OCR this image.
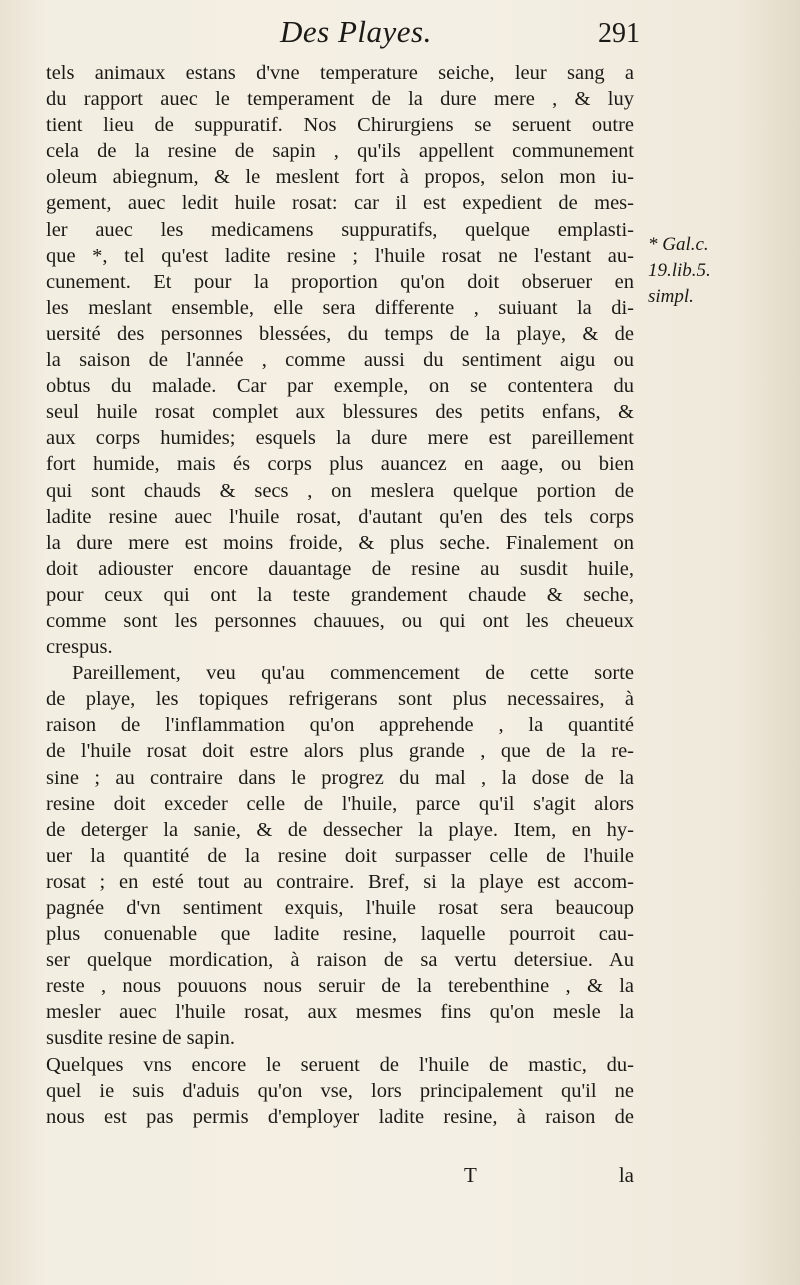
Des Playes.	291
tels animaux estans d'vne temperature seiche, leur sang a
du rapport auec le temperament de la dure mere , & luy
tient lieu de suppuratif. Nos Chirurgiens se seruent outre
cela de la resine de sapin , qu'ils appellent communement
oleum abiegnum, & le meslent fort à propos, selon mon iu-
gement, auec ledit huile rosat: car il est expedient de mes-
ler auec les medicamens suppuratifs, quelque emplasti-
que *, tel qu'est ladite resine ; l'huile rosat ne l'estant au-
cunement. Et pour la proportion qu'on doit obseruer en
les meslant ensemble, elle sera differente , suiuant la di-
uersité des personnes blessées, du temps de la playe, & de
la saison de l'année , comme aussi du sentiment aigu ou
obtus du malade. Car par exemple, on se contentera du
seul huile rosat complet aux blessures des petits enfans, &
aux corps humides; esquels la dure mere est pareillement
fort humide, mais és corps plus auancez en aage, ou bien
qui sont chauds & secs , on meslera quelque portion de
ladite resine auec l'huile rosat, d'autant qu'en des tels corps
la dure mere est moins froide, & plus seche. Finalement on
doit adiouster encore dauantage de resine au susdit huile,
pour ceux qui ont la teste grandement chaude & seche,
comme sont les personnes chauues, ou qui ont les cheueux
crespus.
Pareillement, veu qu'au commencement de cette sorte
de playe, les topiques refrigerans sont plus necessaires, à
raison de l'inflammation qu'on apprehende , la quantité
de l'huile rosat doit estre alors plus grande , que de la re-
sine ; au contraire dans le progrez du mal , la dose de la
resine doit exceder celle de l'huile, parce qu'il s'agit alors
de deterger la sanie, & de dessecher la playe. Item, en hy-
uer la quantité de la resine doit surpasser celle de l'huile
rosat ; en esté tout au contraire. Bref, si la playe est accom-
pagnée d'vn sentiment exquis, l'huile rosat sera beaucoup
plus conuenable que ladite resine, laquelle pourroit cau-
ser quelque mordication, à raison de sa vertu detersiue. Au
reste , nous pouuons nous seruir de la terebenthine , & la
mesler auec l'huile rosat, aux mesmes fins qu'on mesle la
susdite resine de sapin.
Quelques vns encore le seruent de l'huile de mastic, du-
quel ie suis d'aduis qu'on vse, lors principalement qu'il ne
nous est pas permis d'employer ladite resine, à raison de
* Gal.c.
19.lib.5.
simpl.
T	la
